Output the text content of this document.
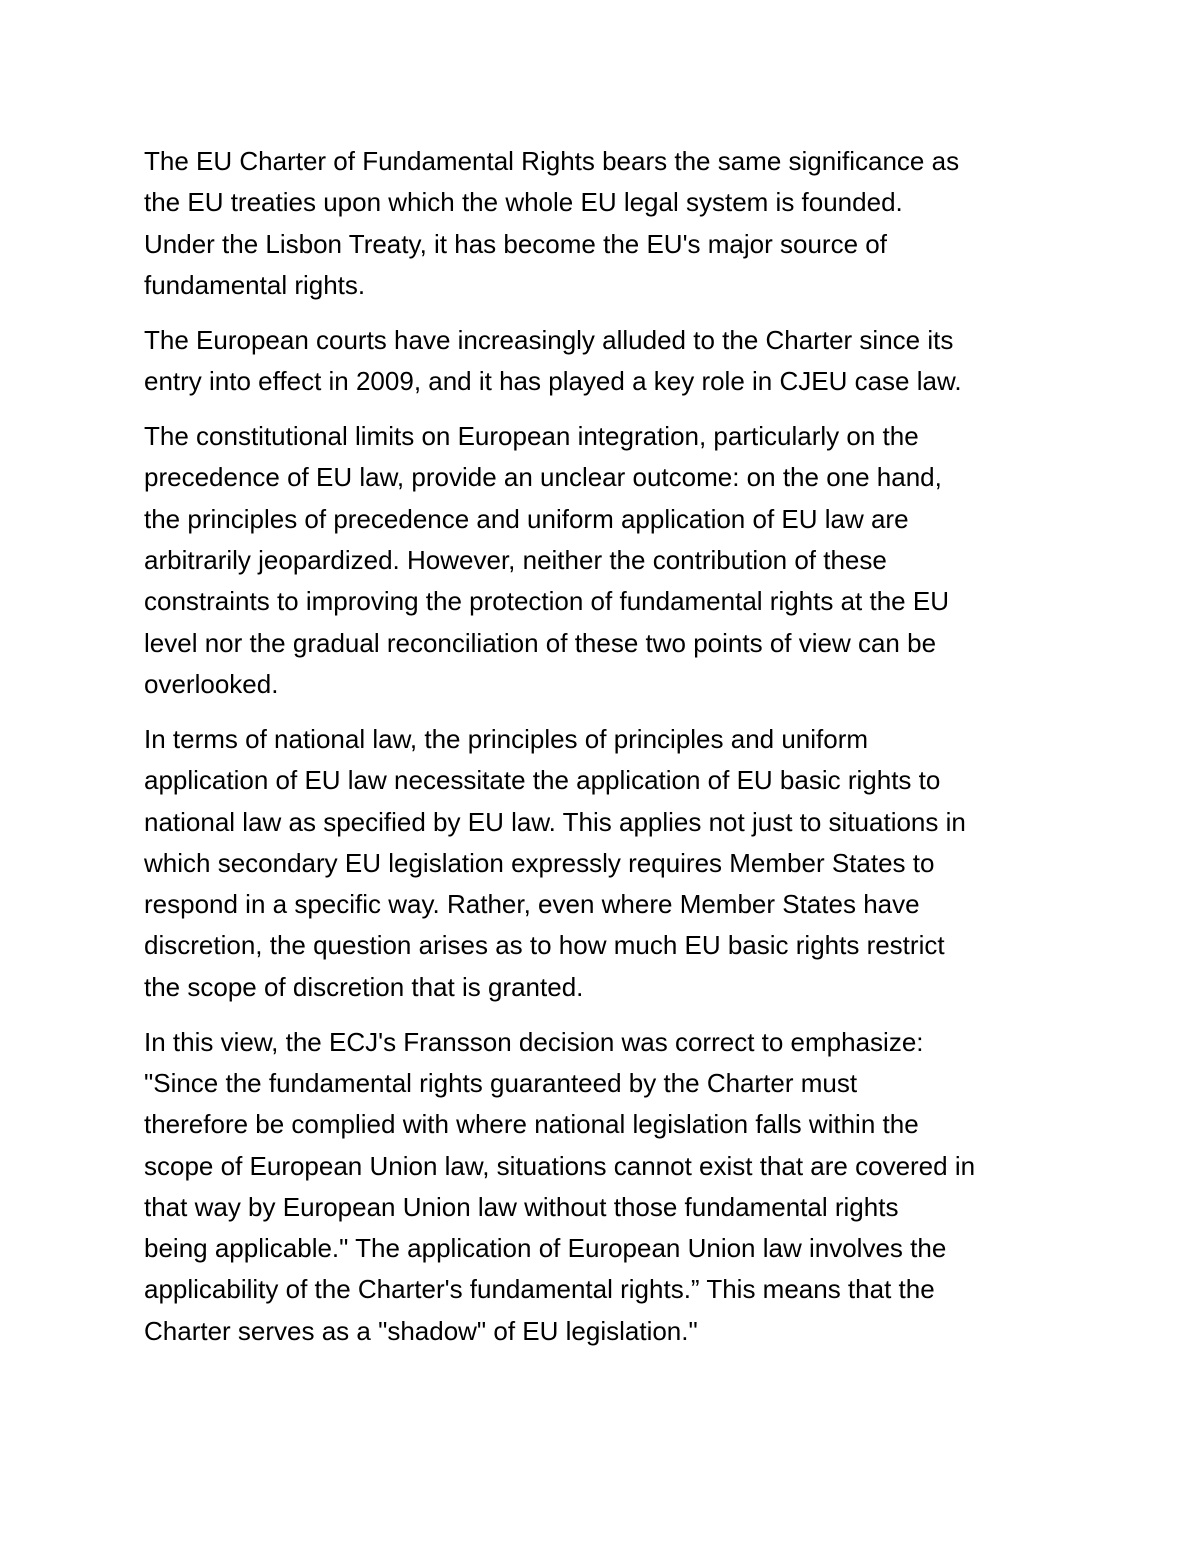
The EU Charter of Fundamental Rights bears the same significance as
the EU treaties upon which the whole EU legal system is founded.
Under the Lisbon Treaty, it has become the EU's major source of
fundamental rights.

The European courts have increasingly alluded to the Charter since its
entry into effect in 2009, and it has played a key role in CJEU case law.

The constitutional limits on European integration, particularly on the
precedence of EU law, provide an unclear outcome: on the one hand,
the principles of precedence and uniform application of EU law are
arbitrarily jeopardized. However, neither the contribution of these
constraints to improving the protection of fundamental rights at the EU
level nor the gradual reconciliation of these two points of view can be
overlooked.

In terms of national law, the principles of principles and uniform
application of EU law necessitate the application of EU basic rights to
national law as specified by EU law. This applies not just to situations in
which secondary EU legislation expressly requires Member States to
respond in a specific way. Rather, even where Member States have
discretion, the question arises as to how much EU basic rights restrict
the scope of discretion that is granted.

In this view, the ECJ's Fransson decision was correct to emphasize:
"Since the fundamental rights guaranteed by the Charter must
therefore be complied with where national legislation falls within the
scope of European Union law, situations cannot exist that are covered in
that way by European Union law without those fundamental rights
being applicable." The application of European Union law involves the
applicability of the Charter's fundamental rights.” This means that the
Charter serves as a "shadow" of EU legislation."
